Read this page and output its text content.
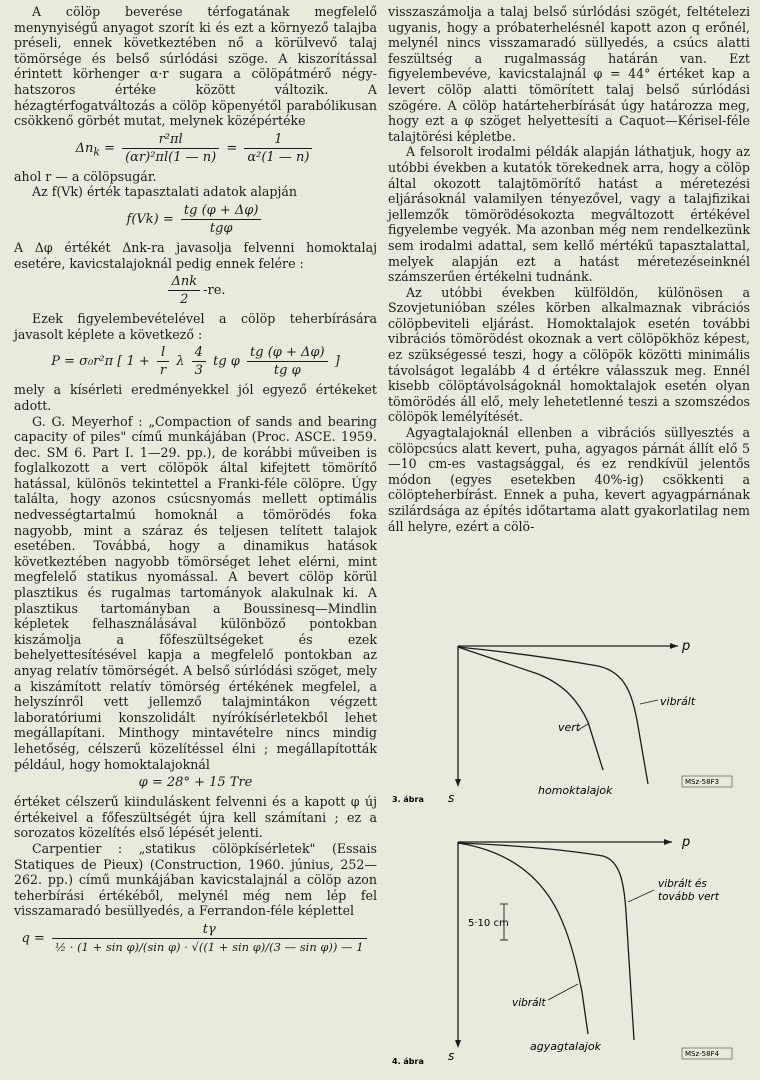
A cölöp beverése térfogatának megfelelő menynyiségű anyagot szorít ki és ezt a környező talajba préseli, ennek következtében nő a körülvevő talaj tömörsége és belső súrlódási szöge. A kiszorítással érintett körhenger α·r sugara a cölöpátmérő négy-hatszoros értéke között változik. A hézagtérfogatváltozás a cölöp köpenyétől parabólikusan csökkenő görbét mutat, melynek középértéke

$\Delta n_k = \frac{\text{r²πl}}{\text{(αr)²πl(1 — n)}} = \frac{1}{\text{α²(1 — n)}}$

ahol r — a cölöpsugár.

Az f(Vk) érték tapasztalati adatok alapján

$f(Vk) = \frac{tg (\varphi + \Delta\varphi)}{\text{tgφ}}$

A Δφ értékét Δnk-ra javasolja felvenni homoktalaj esetére, kavicstalajoknál pedig ennek felére :

$\frac{\text{Δnk}}{2} -re$.

Ezek figyelembevételével a cölöp teherbírására javasolt képlete a következő :

P = σ₀r²π [ $1 + \frac{l}{r}$ λ $\frac{4}{3}$ tg φ $\frac{tg (\varphi + \Delta\varphi)}{\text{tg φ}}$ ]

mely a kísérleti eredményekkel jól egyező értékeket adott.

G. G. Meyerhof : „Compaction of sands and bearing capacity of piles" című munkájában (Proc. ASCE. 1959. dec. SM 6. Part I. 1—29. pp.), de korábbi műveiben is foglalkozott a vert cölöpök által kifejtett tömörítő hatással, különös tekintettel a Franki-féle cölöpre. Úgy találta, hogy azonos csúcsnyomás mellett optimális nedvességtartalmú homoknál a tömörödés foka nagyobb, mint a száraz és teljesen telített talajok esetében. Továbbá, hogy a dinamikus hatások következtében nagyobb tömörséget lehet elérni, mint megfelelő statikus nyomással. A bevert cölöp körül plasztikus és rugalmas tartományok alakulnak ki. A plasztikus tartományban a Boussinesq—Mindlin képletek felhasználásával különböző pontokban kiszámolja a főfeszültségeket és ezek behelyettesítésével kapja a megfelelő pontokban az anyag relatív tömörségét. A belső súrlódási szöget, mely a kiszámított relatív tömörség értékének megfelel, a helyszínről vett jellemző talajmintákon végzett laboratóriumi konszolidált nyírókísérletekből lehet megállapítani. Minthogy mintavételre nincs mindig lehetőség, célszerű közelítéssel élni ; megállapították például, hogy homoktalajoknál

φ = 28° + 15 Tre

értéket célszerű kiinduláskent felvenni és a kapott φ új értékeivel a főfeszültségét újra kell számítani ; ez a sorozatos közelítés első lépését jelenti.

Carpentier : „statikus cölöpkísérletek" (Essais Statiques de Pieux) (Construction, 1960. június, 252—262. pp.) című munkájában kavicstalajnál a cölöp azon teherbírási értékéből, melynél még nem lép fel visszamaradó besüllyedés, a Ferrandon-féle képlettel

$q = \frac{t\gamma}{\text{½ · (1 + sin φ)/(sin φ) · √((1 + sin φ)/(3 — sin φ)) — 1}}$

visszaszámolja a talaj belső súrlódási szögét, feltételezi ugyanis, hogy a próbaterhelésnél kapott azon q erőnél, melynél nincs visszamaradó süllyedés, a csúcs alatti feszültség a rugalmasság határán van. Ezt figyelembevéve, kavicstalajnál φ = 44° értéket kap a levert cölöp alatti tömörített talaj belső súrlódási szögére. A cölöp határteherbírását úgy határozza meg, hogy ezt a φ szöget helyettesíti a Caquot—Kérisel-féle talajtörési képletbe.

A felsorolt irodalmi példák alapján láthatjuk, hogy az utóbbi években a kutatók törekednek arra, hogy a cölöp által okozott talajtömörítő hatást a méretezési eljárásoknál valamilyen tényezővel, vagy a talajfizikai jellemzők tömörödésokozta megváltozott értékével figyelembe vegyék. Ma azonban még nem rendelkezünk sem irodalmi adattal, sem kellő mértékű tapasztalattal, melyek alapján ezt a hatást méretezéseinknél számszerűen értékelni tudnánk.

Az utóbbi években külföldön, különösen a Szovjetunióban széles körben alkalmaznak vibrációs cölöpbeviteli eljárást. Homoktalajok esetén további vibrációs tömörödést okoznak a vert cölöpökhöz képest, ez szükségessé teszi, hogy a cölöpök közötti minimális távolságot legalább 4 d értékre válasszuk meg. Ennél kisebb cölöptávolságoknál homoktalajok esetén olyan tömörödés áll elő, mely lehetetlenné teszi a szomszédos cölöpök lemélyítését.

Agyagtalajoknál ellenben a vibrációs süllyesztés a cölöpcsúcs alatt kevert, puha, agyagos párnát állít elő 5—10 cm-es vastagsággal, és ez rendkívül jelentős módon (egyes esetekben 40%-ig) csökkenti a cölöpteherbírást. Ennek a puha, kevert agyagpárnának szilárdsága az építés időtartama alatt gyakorlatilag nem áll helyre, ezért a cölö-

p
s
vibrált
vert
homoktalajok
3. ábra
MSz-58F3
5·10 cm
vibrált és
tovább vert
vibrált
p
s
agyagtalajok
4. ábra
MSz-58F4
